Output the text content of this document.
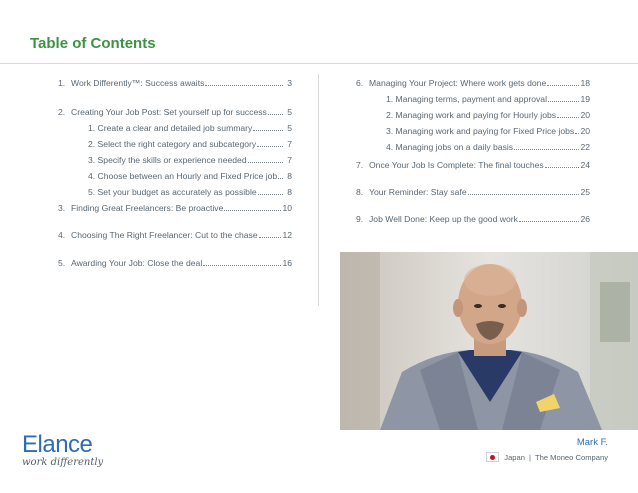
Table of Contents
1. Work Differently™: Success awaits	3
2. Creating Your Job Post: Set yourself up for success	5
1. Create a clear and detailed job summary	5
2. Select the right category and subcategory	7
3. Specify the skills or experience needed	7
4. Choose between an Hourly and Fixed Price job	8
5. Set your budget as accurately as possible	8
3. Finding Great Freelancers: Be proactive	10
4. Choosing The Right Freelancer: Cut to the chase	12
5. Awarding Your Job: Close the deal	16
6. Managing Your Project: Where work gets done	18
1. Managing terms, payment and approval	19
2. Managing work and paying for Hourly jobs	20
3. Managing work and paying for Fixed Price jobs 20
4. Managing jobs on a daily basis	22
7. Once Your Job Is Complete: The final touches	24
8. Your Reminder: Stay safe	25
9. Job Well Done: Keep up the good work	26
Elance
work differently
Mark F.
Japan | The Moneo Company
